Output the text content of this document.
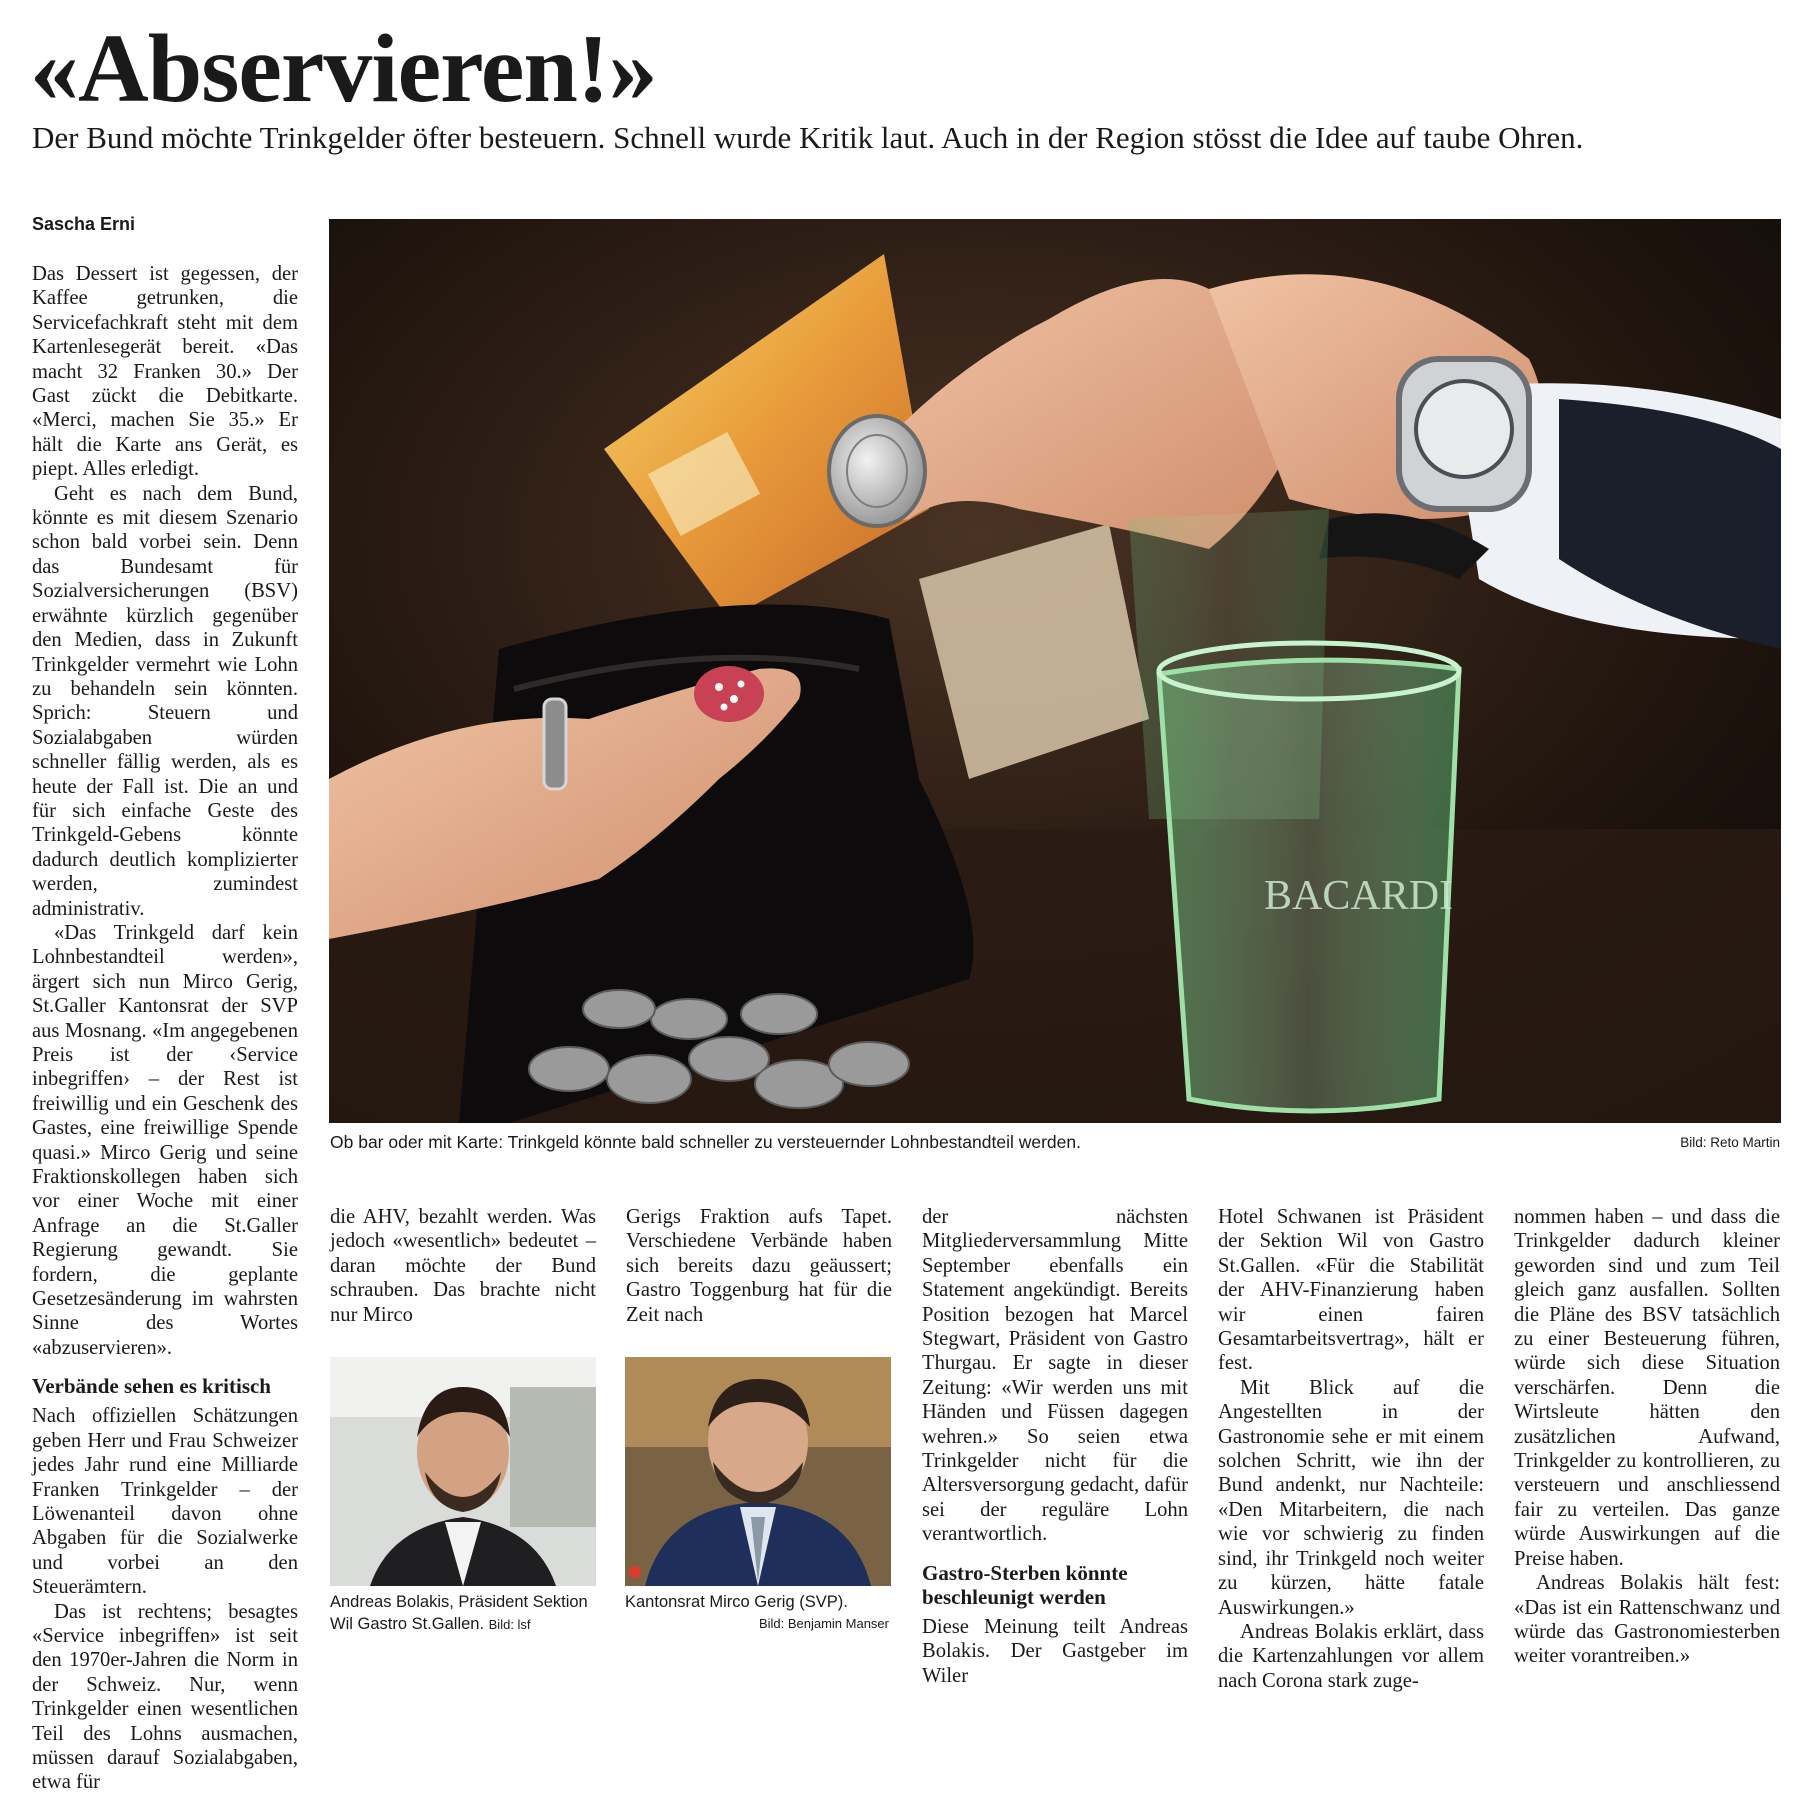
«Abservieren!»
Der Bund möchte Trinkgelder öfter besteuern. Schnell wurde Kritik laut. Auch in der Region stösst die Idee auf taube Ohren.
Sascha Erni

Das Dessert ist gegessen, der Kaffee getrunken, die Servicefachkraft steht mit dem Kartenlesegerät bereit. «Das macht 32 Franken 30.» Der Gast zückt die Debitkarte. «Merci, machen Sie 35.» Er hält die Karte ans Gerät, es piept. Alles erledigt.

Geht es nach dem Bund, könnte es mit diesem Szenario schon bald vorbei sein. Denn das Bundesamt für Sozialversicherungen (BSV) erwähnte kürzlich gegenüber den Medien, dass in Zukunft Trinkgelder vermehrt wie Lohn zu behandeln sein könnten. Sprich: Steuern und Sozialabgaben würden schneller fällig werden, als es heute der Fall ist. Die an und für sich einfache Geste des Trinkgeld-Gebens könnte dadurch deutlich komplizierter werden, zumindest administrativ.

«Das Trinkgeld darf kein Lohnbestandteil werden», ärgert sich nun Mirco Gerig, St.Galler Kantonsrat der SVP aus Mosnang. «Im angegebenen Preis ist der ‹Service inbegriffen› – der Rest ist freiwillig und ein Geschenk des Gastes, eine freiwillige Spende quasi.» Mirco Gerig und seine Fraktionskollegen haben sich vor einer Woche mit einer Anfrage an die St.Galler Regierung gewandt. Sie fordern, die geplante Gesetzesänderung im wahrsten Sinne des Wortes «abzuservieren».

Verbände sehen es kritisch

Nach offiziellen Schätzungen geben Herr und Frau Schweizer jedes Jahr rund eine Milliarde Franken Trinkgelder – der Löwenanteil davon ohne Abgaben für die Sozialwerke und vorbei an den Steuerämtern.

Das ist rechtens; besagtes «Service inbegriffen» ist seit den 1970er-Jahren die Norm in der Schweiz. Nur, wenn Trinkgelder einen wesentlichen Teil des Lohns ausmachen, müssen darauf Sozialabgaben, etwa für

BACARDI
Ob bar oder mit Karte: Trinkgeld könnte bald schneller zu versteuernder Lohnbestandteil werden.	Bild: Reto Martin

die AHV, bezahlt werden. Was jedoch «wesentlich» bedeutet – daran möchte der Bund schrauben. Das brachte nicht nur Mirco

Gerigs Fraktion aufs Tapet. Verschiedene Verbände haben sich bereits dazu geäussert; Gastro Toggenburg hat für die Zeit nach

Andreas Bolakis, Präsident Sektion Wil Gastro St.Gallen. Bild: lsf
Kantonsrat Mirco Gerig (SVP).
Bild: Benjamin Manser

der nächsten Mitgliederversammlung Mitte September ebenfalls ein Statement angekündigt. Bereits Position bezogen hat Marcel Stegwart, Präsident von Gastro Thurgau. Er sagte in dieser Zeitung: «Wir werden uns mit Händen und Füssen dagegen wehren.» So seien etwa Trinkgelder nicht für die Altersversorgung gedacht, dafür sei der reguläre Lohn verantwortlich.

Gastro-Sterben könnte beschleunigt werden

Diese Meinung teilt Andreas Bolakis. Der Gastgeber im Wiler

Hotel Schwanen ist Präsident der Sektion Wil von Gastro St.Gallen. «Für die Stabilität der AHV-Finanzierung haben wir einen fairen Gesamtarbeitsvertrag», hält er fest.

Mit Blick auf die Angestellten in der Gastronomie sehe er mit einem solchen Schritt, wie ihn der Bund andenkt, nur Nachteile: «Den Mitarbeitern, die nach wie vor schwierig zu finden sind, ihr Trinkgeld noch weiter zu kürzen, hätte fatale Auswirkungen.»

Andreas Bolakis erklärt, dass die Kartenzahlungen vor allem nach Corona stark zuge-

nommen haben – und dass die Trinkgelder dadurch kleiner geworden sind und zum Teil gleich ganz ausfallen. Sollten die Pläne des BSV tatsächlich zu einer Besteuerung führen, würde sich diese Situation verschärfen. Denn die Wirtsleute hätten den zusätzlichen Aufwand, Trinkgelder zu kontrollieren, zu versteuern und anschliessend fair zu verteilen. Das ganze würde Auswirkungen auf die Preise haben.

Andreas Bolakis hält fest: «Das ist ein Rattenschwanz und würde das Gastronomiesterben weiter vorantreiben.»
